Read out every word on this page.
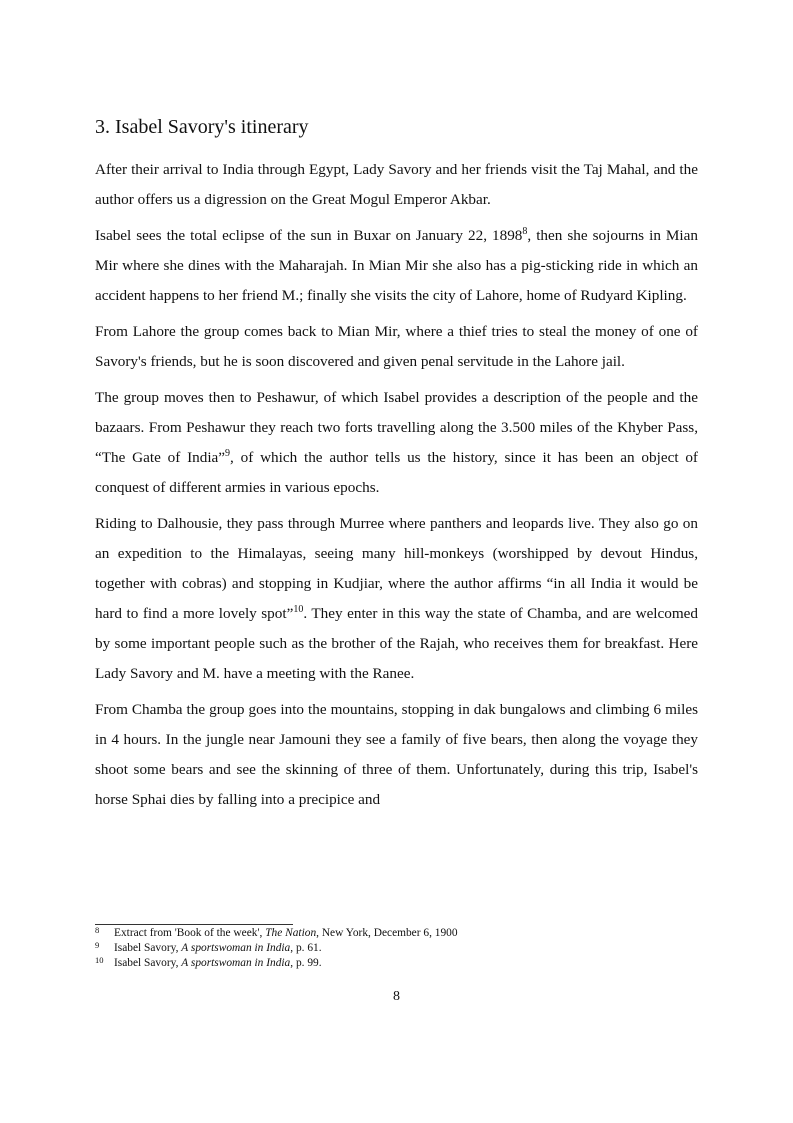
3. Isabel Savory's itinerary

After their arrival to India through Egypt, Lady Savory and her friends visit the Taj Mahal, and the author offers us a digression on the Great Mogul Emperor Akbar.

Isabel sees the total eclipse of the sun in Buxar on January 22, 1898$^8$, then she sojourns in Mian Mir where she dines with the Maharajah. In Mian Mir she also has a pig-sticking ride in which an accident happens to her friend M.; finally she visits the city of Lahore, home of Rudyard Kipling.

From Lahore the group comes back to Mian Mir, where a thief tries to steal the money of one of Savory's friends, but he is soon discovered and given penal servitude in the Lahore jail.

The group moves then to Peshawur, of which Isabel provides a description of the people and the bazaars. From Peshawur they reach two forts travelling along the 3.500 miles of the Khyber Pass, “The Gate of India”$^9$, of which the author tells us the history, since it has been an object of conquest of different armies in various epochs.

Riding to Dalhousie, they pass through Murree where panthers and leopards live. They also go on an expedition to the Himalayas, seeing many hill-monkeys (worshipped by devout Hindus, together with cobras) and stopping in Kudjiar, where the author affirms “in all India it would be hard to find a more lovely spot”$^{10}$. They enter in this way the state of Chamba, and are welcomed by some important people such as the brother of the Rajah, who receives them for breakfast. Here Lady Savory and M. have a meeting with the Ranee.

From Chamba the group goes into the mountains, stopping in dak bungalows and climbing 6 miles in 4 hours. In the jungle near Jamouni they see a family of five bears, then along the voyage they shoot some bears and see the skinning of three of them. Unfortunately, during this trip, Isabel's horse Sphai dies by falling into a precipice and

8 Extract from 'Book of the week', The Nation, New York, December 6, 1900
9 Isabel Savory, A sportswoman in India, p. 61.
10 Isabel Savory, A sportswoman in India, p. 99.
8
